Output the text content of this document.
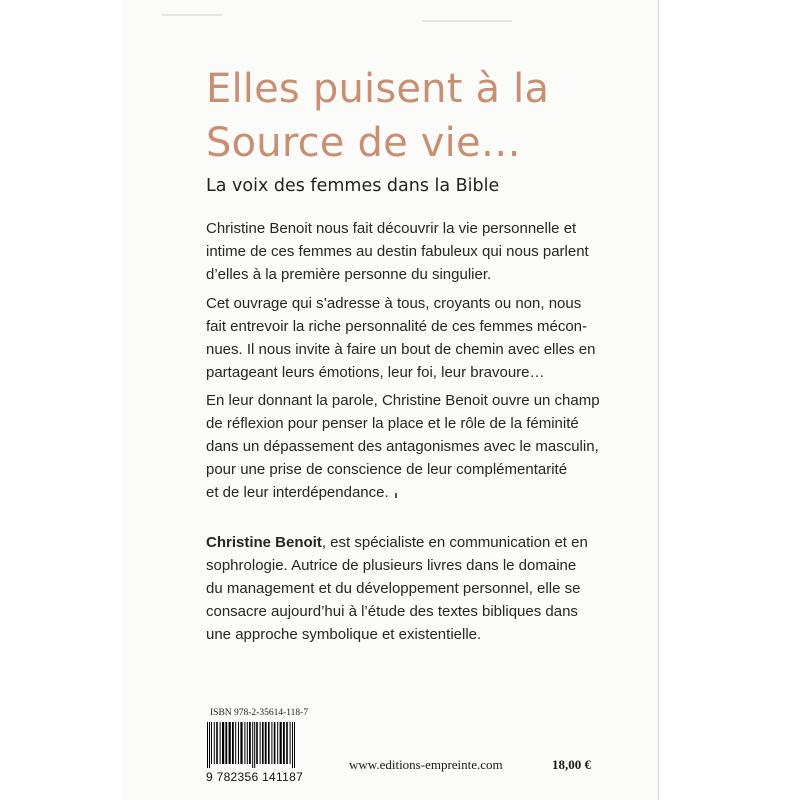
Elles puisent à la
Source de vie…
La voix des femmes dans la Bible
Christine Benoit nous fait découvrir la vie personnelle et
intime de ces femmes au destin fabuleux qui nous parlent
d’elles à la première personne du singulier.
Cet ouvrage qui s’adresse à tous, croyants ou non, nous
fait entrevoir la riche personnalité de ces femmes mécon-
nues. Il nous invite à faire un bout de chemin avec elles en
partageant leurs émotions, leur foi, leur bravoure…
En leur donnant la parole, Christine Benoit ouvre un champ
de réflexion pour penser la place et le rôle de la féminité
dans un dépassement des antagonismes avec le masculin,
pour une prise de conscience de leur complémentarité
et de leur interdépendance.
Christine Benoit, est spécialiste en communication et en
sophrologie. Autrice de plusieurs livres dans le domaine
du management et du développement personnel, elle se
consacre aujourd’hui à l’étude des textes bibliques dans
une approche symbolique et existentielle.
ISBN 978-2-35614-118-7
9 782356 141187
www.editions-empreinte.com	18,00 €
